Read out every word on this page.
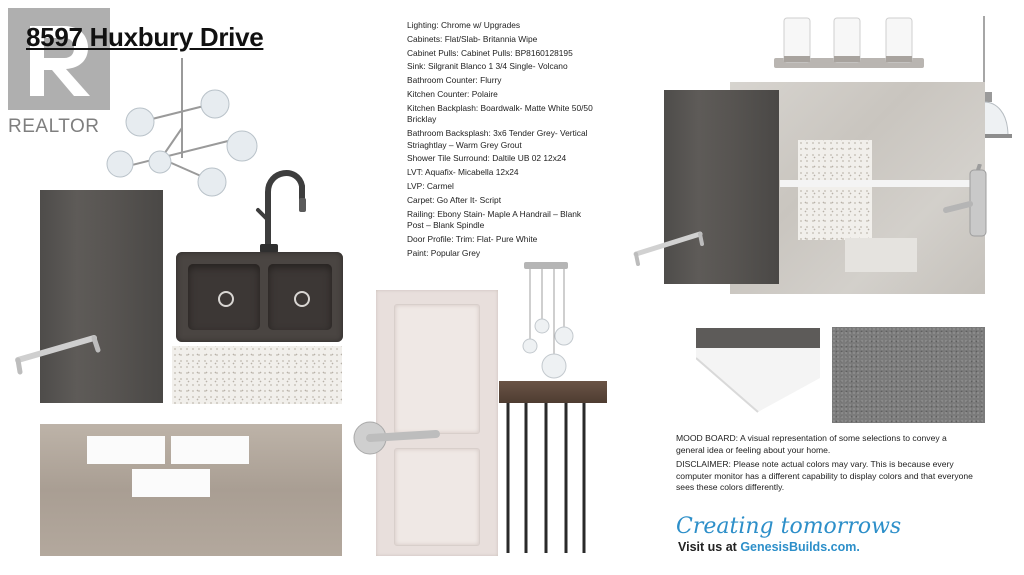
REALTOR
8597 Huxbury Drive	Lighting: Chrome w/ Upgrades
Cabinets: Flat/Slab- Britannia Wipe
Cabinet Pulls: Cabinet Pulls: BP8160128195
Sink: Silgranit Blanco 1 3/4 Single- Volcano
Bathroom Counter: Flurry
Kitchen Counter: Polaire
Kitchen Backplash: Boardwalk- Matte White 50/50 Bricklay
Bathroom Backsplash: 3x6 Tender Grey- Vertical Striaghtlay – Warm Grey Grout
Shower Tile Surround: Daltile UB 02 12x24
LVT: Aquafix- Micabella 12x24
LVP: Carmel
Carpet: Go After It- Script
Railing: Ebony Stain- Maple A Handrail – Blank Post – Blank Spindle
Door Profile: Trim: Flat- Pure White
Paint: Popular Grey

MOOD BOARD: A visual representation of some selections to convey a general idea or feeling about your home.

DISCLAIMER: Please note actual colors may vary. This is because every computer monitor has a different capability to display colors and that everyone sees these colors differently.

Creating tomorrows
Visit us at GenesisBuilds.com.
